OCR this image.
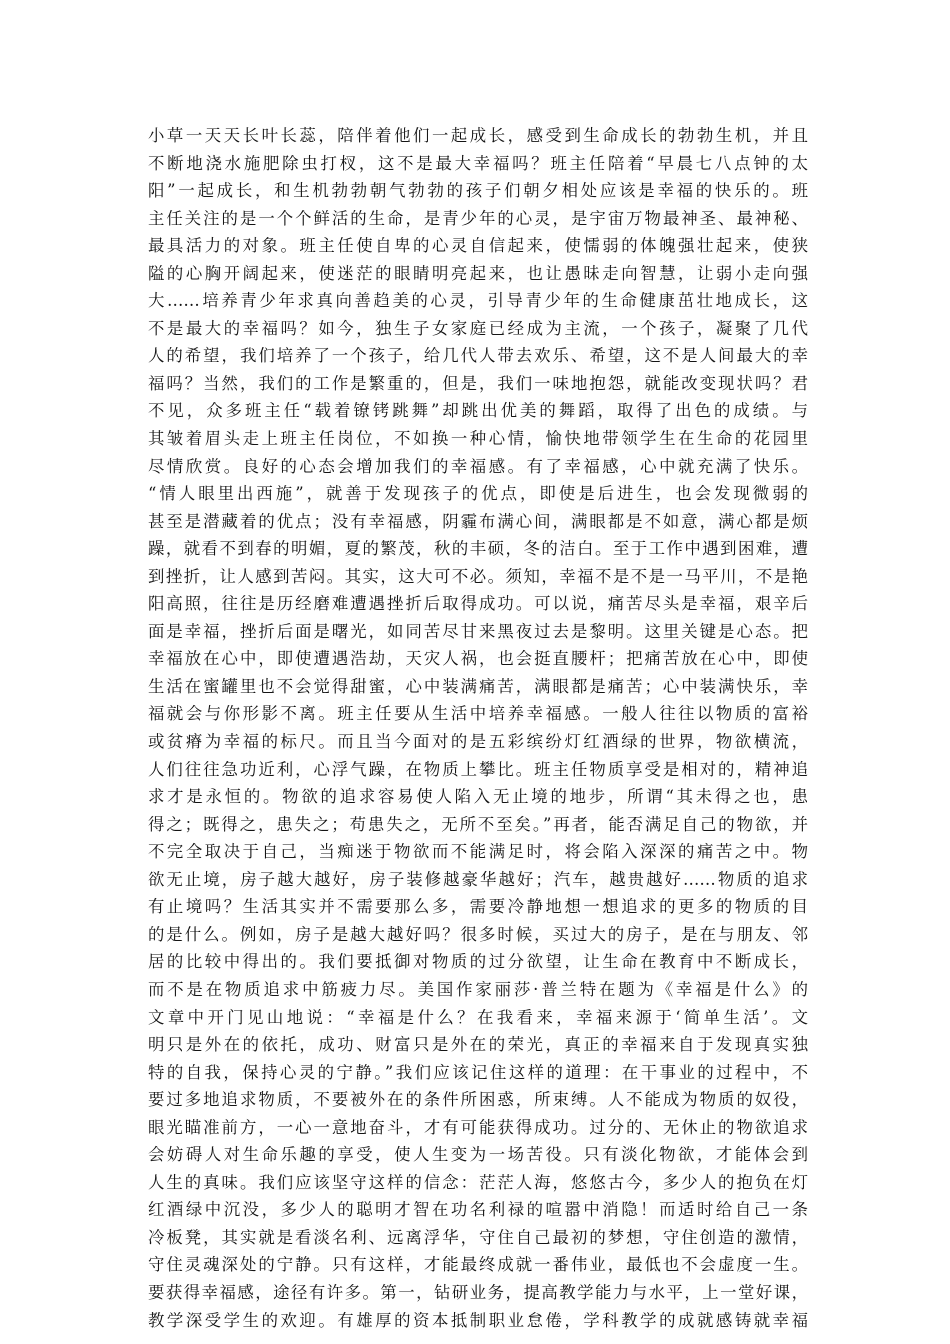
小草一天天长叶长蕊，陪伴着他们一起成长，感受到生命成长的勃勃生机，并且
不断地浇水施肥除虫打杈，这不是最大幸福吗？班主任陪着“早晨七八点钟的太
阳”一起成长，和生机勃勃朝气勃勃的孩子们朝夕相处应该是幸福的快乐的。班
主任关注的是一个个鲜活的生命，是青少年的心灵，是宇宙万物最神圣、最神秘、
最具活力的对象。班主任使自卑的心灵自信起来，使懦弱的体魄强壮起来，使狭
隘的心胸开阔起来，使迷茫的眼睛明亮起来，也让愚昧走向智慧，让弱小走向强
大……培养青少年求真向善趋美的心灵，引导青少年的生命健康茁壮地成长，这
不是最大的幸福吗？如今，独生子女家庭已经成为主流，一个孩子，凝聚了几代
人的希望，我们培养了一个孩子，给几代人带去欢乐、希望，这不是人间最大的幸
福吗？当然，我们的工作是繁重的，但是，我们一味地抱怨，就能改变现状吗？君
不见，众多班主任“载着镣铐跳舞”却跳出优美的舞蹈，取得了出色的成绩。与
其皱着眉头走上班主任岗位，不如换一种心情，愉快地带领学生在生命的花园里
尽情欣赏。良好的心态会增加我们的幸福感。有了幸福感，心中就充满了快乐。
“情人眼里出西施”，就善于发现孩子的优点，即使是后进生，也会发现微弱的
甚至是潜藏着的优点；没有幸福感，阴霾布满心间，满眼都是不如意，满心都是烦
躁，就看不到春的明媚，夏的繁茂，秋的丰硕，冬的洁白。至于工作中遇到困难，遭
到挫折，让人感到苦闷。其实，这大可不必。须知，幸福不是不是一马平川，不是艳
阳高照，往往是历经磨难遭遇挫折后取得成功。可以说，痛苦尽头是幸福，艰辛后
面是幸福，挫折后面是曙光，如同苦尽甘来黑夜过去是黎明。这里关键是心态。把
幸福放在心中，即使遭遇浩劫，天灾人祸，也会挺直腰杆；把痛苦放在心中，即使
生活在蜜罐里也不会觉得甜蜜，心中装满痛苦，满眼都是痛苦；心中装满快乐，幸
福就会与你形影不离。班主任要从生活中培养幸福感。一般人往往以物质的富裕
或贫瘠为幸福的标尺。而且当今面对的是五彩缤纷灯红酒绿的世界，物欲横流，
人们往往急功近利，心浮气躁，在物质上攀比。班主任物质享受是相对的，精神追
求才是永恒的。物欲的追求容易使人陷入无止境的地步，所谓“其未得之也，患
得之；既得之，患失之；苟患失之，无所不至矣。”再者，能否满足自己的物欲，并
不完全取决于自己，当痴迷于物欲而不能满足时，将会陷入深深的痛苦之中。物
欲无止境，房子越大越好，房子装修越豪华越好；汽车，越贵越好……物质的追求
有止境吗？生活其实并不需要那么多，需要冷静地想一想追求的更多的物质的目
的是什么。例如，房子是越大越好吗？很多时候，买过大的房子，是在与朋友、邻
居的比较中得出的。我们要抵御对物质的过分欲望，让生命在教育中不断成长，
而不是在物质追求中筋疲力尽。美国作家丽莎·普兰特在题为《幸福是什么》的
文章中开门见山地说：“幸福是什么？在我看来，幸福来源于‘简单生活’。文
明只是外在的依托，成功、财富只是外在的荣光，真正的幸福来自于发现真实独
特的自我，保持心灵的宁静。”我们应该记住这样的道理：在干事业的过程中，不
要过多地追求物质，不要被外在的条件所困惑，所束缚。人不能成为物质的奴役，
眼光瞄准前方，一心一意地奋斗，才有可能获得成功。过分的、无休止的物欲追求
会妨碍人对生命乐趣的享受，使人生变为一场苦役。只有淡化物欲，才能体会到
人生的真味。我们应该坚守这样的信念：茫茫人海，悠悠古今，多少人的抱负在灯
红酒绿中沉没，多少人的聪明才智在功名利禄的喧嚣中消隐！而适时给自己一条
冷板凳，其实就是看淡名利、远离浮华，守住自己最初的梦想，守住创造的激情，
守住灵魂深处的宁静。只有这样，才能最终成就一番伟业，最低也不会虚度一生。
要获得幸福感，途径有许多。第一，钻研业务，提高教学能力与水平，上一堂好课，
教学深受学生的欢迎。有雄厚的资本抵制职业怠倦，学科教学的成就感铸就幸福
